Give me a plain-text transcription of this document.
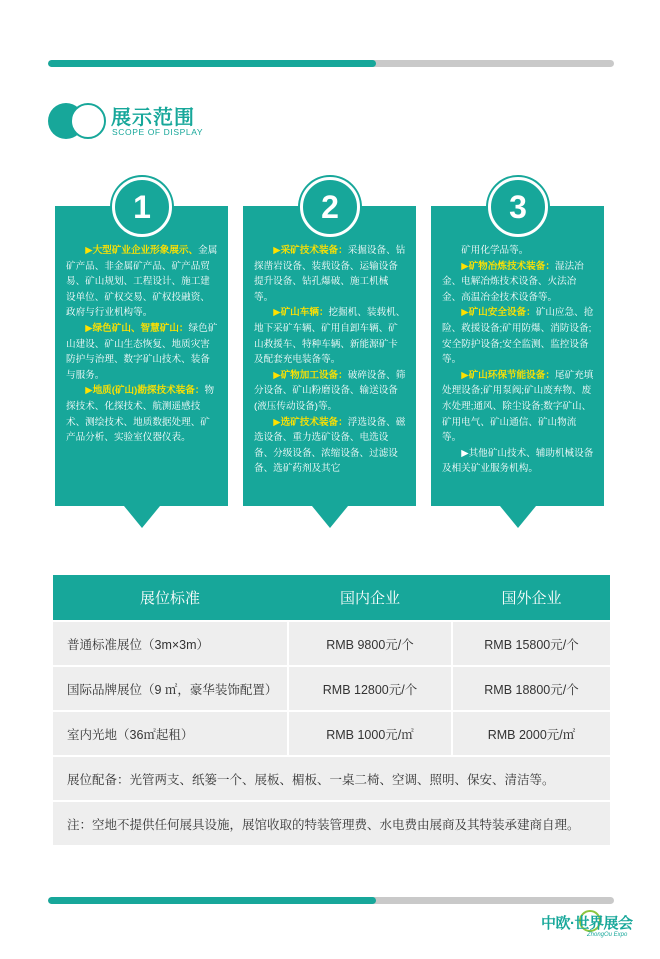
展示范围
SCOPE OF DISPLAY

▶大型矿业企业形象展示、金属矿产品、非金属矿产品、矿产品贸易、矿山规划、工程设计、施工建设单位、矿权交易、矿权投融资、政府与行业机构等。

▶绿色矿山、智慧矿山：绿色矿山建设、矿山生态恢复、地质灾害防护与治理、数字矿山技术、装备与服务。

▶地质(矿山)勘探技术装备：物探技术、化探技术、航测遥感技术、测绘技术、地质数据处理、矿产品分析、实验室仪器仪表。

1

▶采矿技术装备：采掘设备、钻探凿岩设备、装载设备、运输设备提升设备、钻孔爆破、施工机械等。

▶矿山车辆：挖掘机、装载机、地下采矿车辆、矿用自卸车辆、矿山救援车、特种车辆、新能源矿卡及配套充电装备等。

▶矿物加工设备：破碎设备、筛分设备、矿山粉磨设备、输送设备(液压传动设备)等。

▶选矿技术装备：浮选设备、磁选设备、重力选矿设备、电选设备、分级设备、浓缩设备、过滤设备、选矿药剂及其它

2

矿用化学品等。

▶矿物冶炼技术装备：湿法冶金、电解冶炼技术设备、火法冶金、高温冶金技术设备等。

▶矿山安全设备：矿山应急、抢险、救援设备;矿用防爆、消防设备;安全防护设备;安全监测、监控设备等。

▶矿山环保节能设备：尾矿充填处理设备;矿用泵阀;矿山废弃物、废水处理;通风、除尘设备;数字矿山、矿用电气、矿山通信、矿山物流等。

▶其他矿山技术、辅助机械设备及相关矿业服务机构。

3
展位标准	国内企业	国外企业
普通标准展位（3m×3m）	RMB 9800元/个	RMB 15800元/个
国际品牌展位（9 ㎡，豪华装饰配置）	RMB 12800元/个	RMB 18800元/个
室内光地（36㎡起租）	RMB 1000元/㎡	RMB 2000元/㎡
展位配备：光管两支、纸篓一个、展板、楣板、一桌二椅、空调、照明、保安、清洁等。
注：空地不提供任何展具设施，展馆收取的特装管理费、水电费由展商及其特装承建商自理。
中欧·世界展会
ZhongOu Expo
